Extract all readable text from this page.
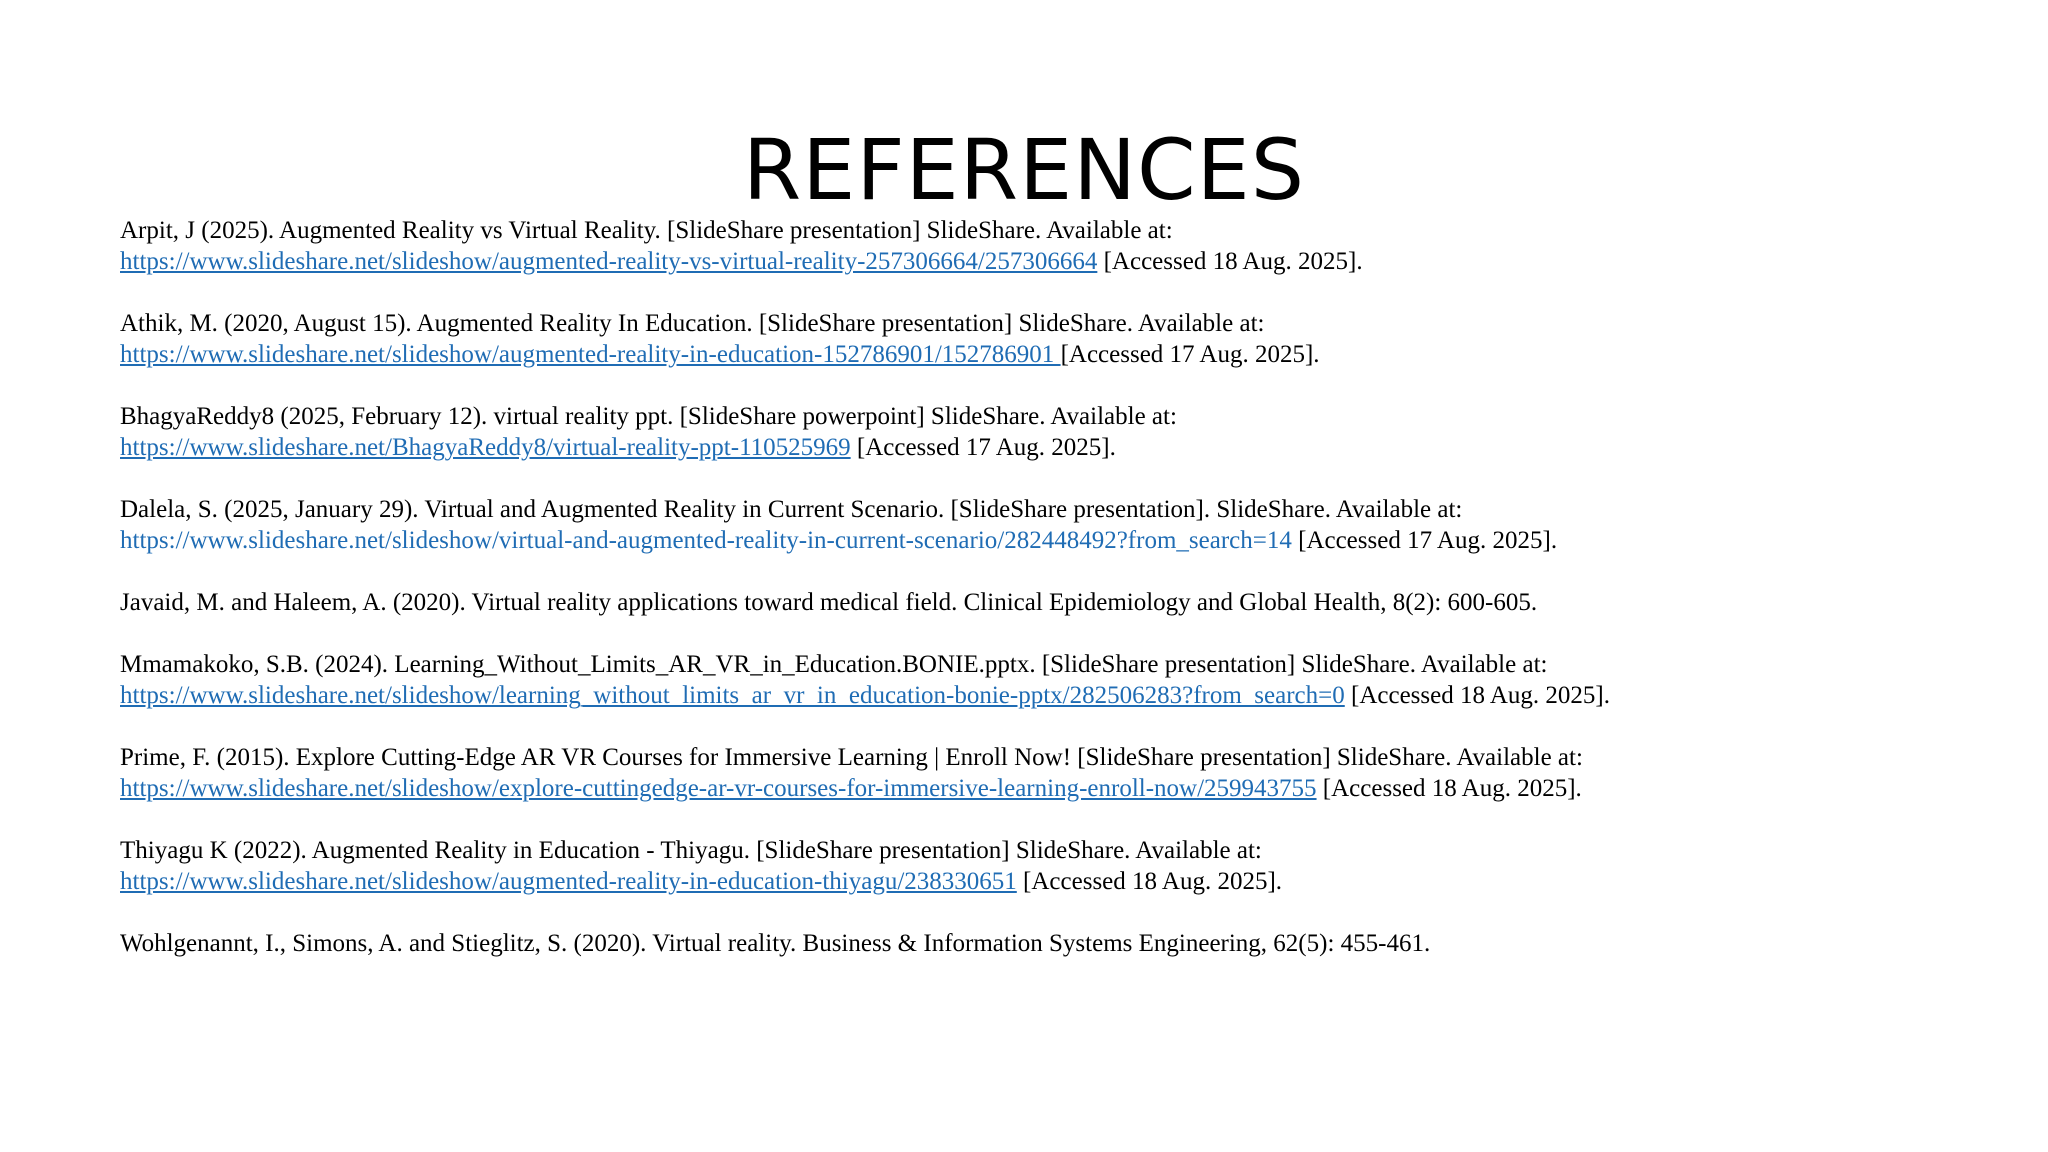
REFERENCES

Arpit, J (2025). Augmented Reality vs Virtual Reality. [SlideShare presentation] SlideShare. Available at:
https://www.slideshare.net/slideshow/augmented-reality-vs-virtual-reality-257306664/257306664 [Accessed 18 Aug. 2025].

Athik, M. (2020, August 15). Augmented Reality In Education. [SlideShare presentation] SlideShare. Available at:
https://www.slideshare.net/slideshow/augmented-reality-in-education-152786901/152786901 [Accessed 17 Aug. 2025].

BhagyaReddy8 (2025, February 12). virtual reality ppt. [SlideShare powerpoint] SlideShare. Available at:
https://www.slideshare.net/BhagyaReddy8/virtual-reality-ppt-110525969 [Accessed 17 Aug. 2025].

Dalela, S. (2025, January 29). Virtual and Augmented Reality in Current Scenario. [SlideShare presentation]. SlideShare. Available at:
https://www.slideshare.net/slideshow/virtual-and-augmented-reality-in-current-scenario/282448492?from_search=14 [Accessed 17 Aug. 2025].

Javaid, M. and Haleem, A. (2020). Virtual reality applications toward medical field. Clinical Epidemiology and Global Health, 8(2): 600-605.

Mmamakoko, S.B. (2024). Learning_Without_Limits_AR_VR_in_Education.BONIE.pptx. [SlideShare presentation] SlideShare. Available at:
https://www.slideshare.net/slideshow/learning_without_limits_ar_vr_in_education-bonie-pptx/282506283?from_search=0 [Accessed 18 Aug. 2025].

Prime, F. (2015). Explore Cutting-Edge AR VR Courses for Immersive Learning | Enroll Now! [SlideShare presentation] SlideShare. Available at:
https://www.slideshare.net/slideshow/explore-cuttingedge-ar-vr-courses-for-immersive-learning-enroll-now/259943755 [Accessed 18 Aug. 2025].

Thiyagu K (2022). Augmented Reality in Education - Thiyagu. [SlideShare presentation] SlideShare. Available at:
https://www.slideshare.net/slideshow/augmented-reality-in-education-thiyagu/238330651 [Accessed 18 Aug. 2025].

Wohlgenannt, I., Simons, A. and Stieglitz, S. (2020). Virtual reality. Business & Information Systems Engineering, 62(5): 455-461.
